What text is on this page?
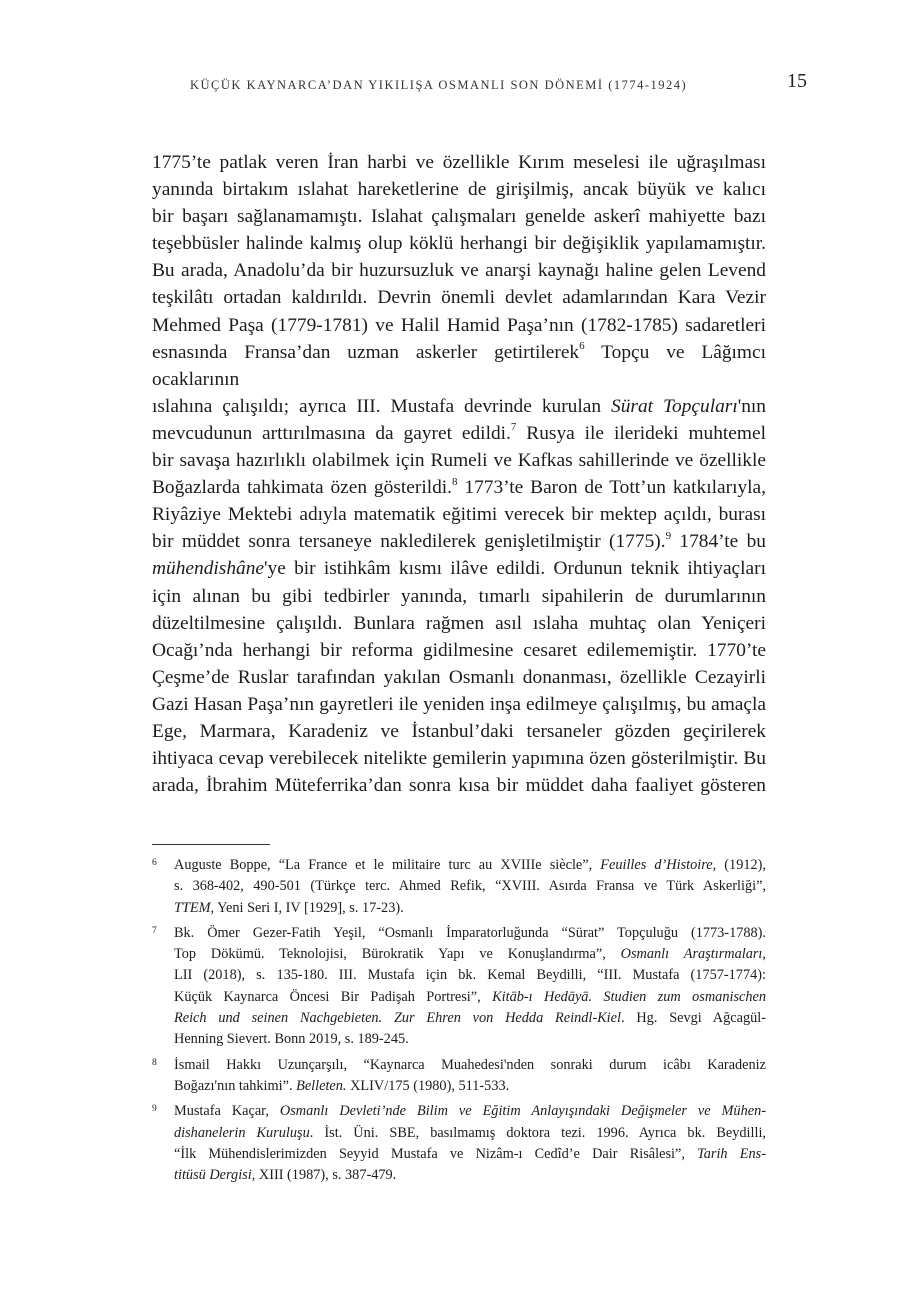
KÜÇÜK KAYNARCA’DAN YIKILIŞA OSMANLI SON DÖNEMİ (1774-1924)	15
1775’te patlak veren İran harbi ve özellikle Kırım meselesi ile uğraşılması
yanında birtakım ıslahat hareketlerine de girişilmiş, ancak büyük ve kalıcı
bir başarı sağlanamamıştı. Islahat çalışmaları genelde askerî mahiyette bazı
teşebbüsler halinde kalmış olup köklü herhangi bir değişiklik yapılamamıştır.
Bu arada, Anadolu’da bir huzursuzluk ve anarşi kaynağı haline gelen Levend
teşkilâtı ortadan kaldırıldı. Devrin önemli devlet adamlarından Kara Vezir
Mehmed Paşa (1779-1781) ve Halil Hamid Paşa’nın (1782-1785) sadaretleri
esnasında Fransa’dan uzman askerler getirtilerek$^6$ Topçu ve Lâğımcı ocaklarının
ıslahına çalışıldı; ayrıca III. Mustafa devrinde kurulan Sürat Topçuları'nın
mevcudunun arttırılmasına da gayret edildi.$^7$ Rusya ile ilerideki muhtemel
bir savaşa hazırlıklı olabilmek için Rumeli ve Kafkas sahillerinde ve özellikle
Boğazlarda tahkimata özen gösterildi.$^8$ 1773’te Baron de Tott’un katkılarıyla,
Riyâziye Mektebi adıyla matematik eğitimi verecek bir mektep açıldı, burası
bir müddet sonra tersaneye nakledilerek genişletilmiştir (1775).$^9$ 1784’te bu
mühendishâne'ye bir istihkâm kısmı ilâve edildi. Ordunun teknik ihtiyaçları
için alınan bu gibi tedbirler yanında, tımarlı sipahilerin de durumlarının
düzeltilmesine çalışıldı. Bunlara rağmen asıl ıslaha muhtaç olan Yeniçeri
Ocağı’nda herhangi bir reforma gidilmesine cesaret edilememiştir. 1770’te
Çeşme’de Ruslar tarafından yakılan Osmanlı donanması, özellikle Cezayirli
Gazi Hasan Paşa’nın gayretleri ile yeniden inşa edilmeye çalışılmış, bu amaçla
Ege, Marmara, Karadeniz ve İstanbul’daki tersaneler gözden geçirilerek
ihtiyaca cevap verebilecek nitelikte gemilerin yapımına özen gösterilmiştir. Bu
arada, İbrahim Müteferrika’dan sonra kısa bir müddet daha faaliyet gösteren
6 Auguste Boppe, “La France et le militaire turc au XVIIIe siècle”, Feuilles d’Histoire, (1912),
s. 368-402, 490-501 (Türkçe terc. Ahmed Refik, “XVIII. Asırda Fransa ve Türk Askerliği”,
TTEM, Yeni Seri I, IV [1929], s. 17-23).
7 Bk. Ömer Gezer-Fatih Yeşil, “Osmanlı İmparatorluğunda “Sürat” Topçuluğu (1773-1788).
Top Dökümü. Teknolojisi, Bürokratik Yapı ve Konuşlandırma”, Osmanlı Araştırmaları,
LII (2018), s. 135-180. III. Mustafa için bk. Kemal Beydilli, “III. Mustafa (1757-1774):
Küçük Kaynarca Öncesi Bir Padişah Portresi”, Kitāb-ı Hedāyā. Studien zum osmanischen
Reich und seinen Nachgebieten. Zur Ehren von Hedda Reindl-Kiel. Hg. Sevgi Ağcagül-
Henning Sievert. Bonn 2019, s. 189-245.
8 İsmail Hakkı Uzunçarşılı, “Kaynarca Muahedesi'nden sonraki durum icâbı Karadeniz
Boğazı'nın tahkimi”. Belleten. XLIV/175 (1980), 511-533.
9 Mustafa Kaçar, Osmanlı Devleti’nde Bilim ve Eğitim Anlayışındaki Değişmeler ve Mühen-
dishanelerin Kuruluşu. İst. Üni. SBE, basılmamış doktora tezi. 1996. Ayrıca bk. Beydilli,
“İlk Mühendislerimizden Seyyid Mustafa ve Nizâm-ı Cedîd’e Dair Risâlesi”, Tarih Ens-
titüsü Dergisi, XIII (1987), s. 387-479.
